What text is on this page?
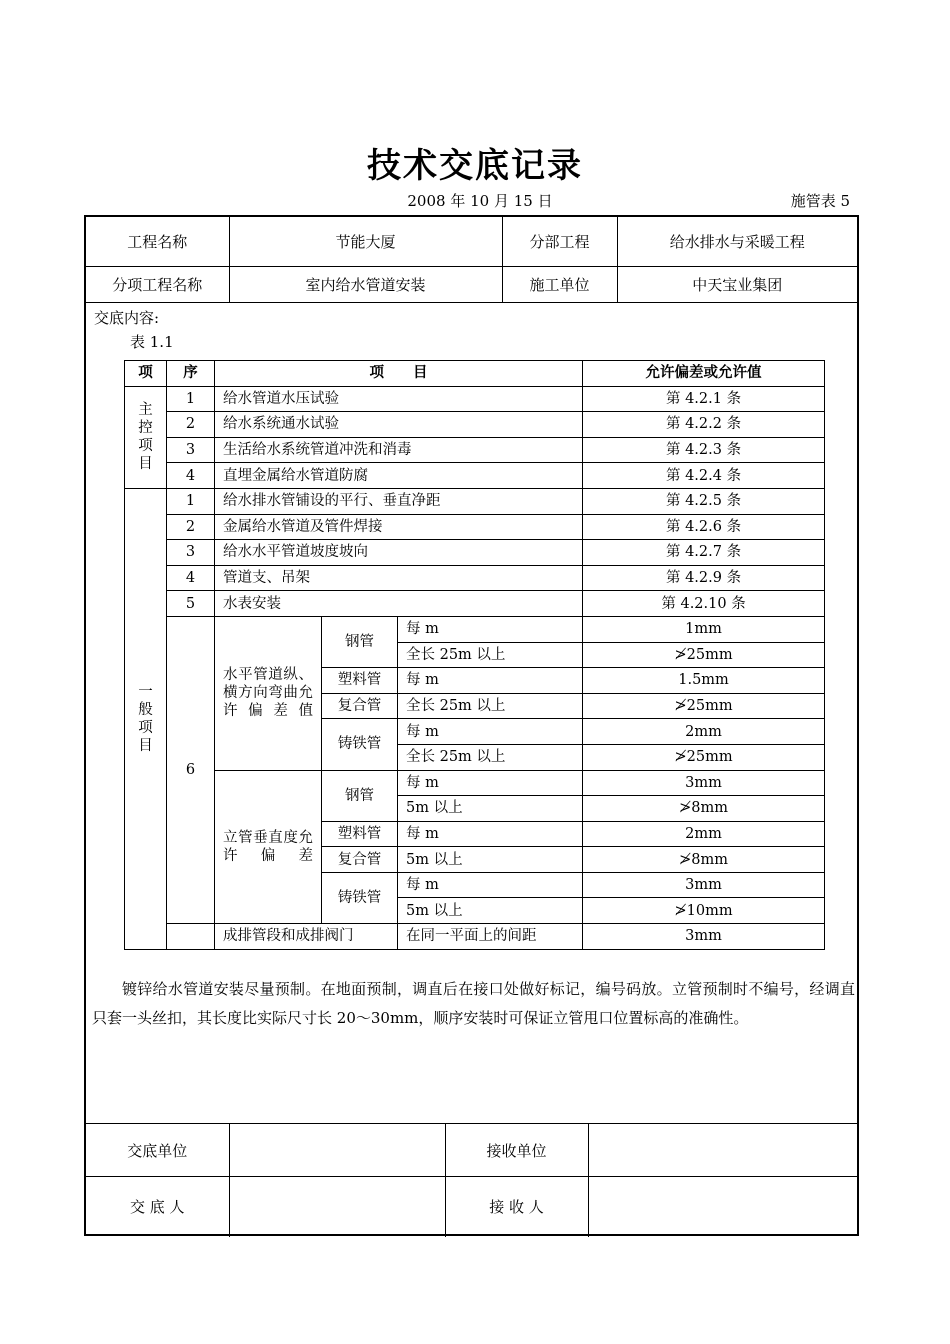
技术交底记录
2008 年 10 月 15 日	施管表 5
工程名称	节能大厦	分部工程	给水排水与采暖工程
分项工程名称	室内给水管道安装	施工单位	中天宝业集团
交底内容:
表 1.1
项	序	项　　目			允许偏差或允许值

主
控
项
目	1	给水管道水压试验			第 4.2.1 条
	2	给水系统通水试验			第 4.2.2 条
	3	生活给水系统管道冲洗和消毒			第 4.2.3 条
	4	直埋金属给水管道防腐			第 4.2.4 条

一
般
项
目	1	给水排水管铺设的平行、垂直净距			第 4.2.5 条
	2	金属给水管道及管件焊接			第 4.2.6 条
	3	给水水平管道坡度坡向			第 4.2.7 条
	4	管道支、吊架			第 4.2.9 条
	5	水表安装			第 4.2.10 条
	6	水平管道纵、横方向弯曲允许偏差值	钢管	每 m	1mm
				全长 25m 以上	≯25mm
			塑料管	每 m	1.5mm
			复合管	全长 25m 以上	≯25mm
			铸铁管	每 m	2mm
				全长 25m 以上	≯25mm
		立管垂直度允许偏差	钢管	每 m	3mm
				5m 以上	≯8mm
			塑料管	每 m	2mm
			复合管	5m 以上	≯8mm
			铸铁管	每 m	3mm
				5m 以上	≯10mm
		成排管段和成排阀门		在同一平面上的间距	3mm
镀锌给水管道安装尽量预制。在地面预制，调直后在接口处做好标记，编号码放。立管预制时不编号，经调直只套一头丝扣，其长度比实际尺寸长 20～30mm，顺序安装时可保证立管甩口位置标高的准确性。
交底单位		接收单位	
交 底 人		接 收 人	
